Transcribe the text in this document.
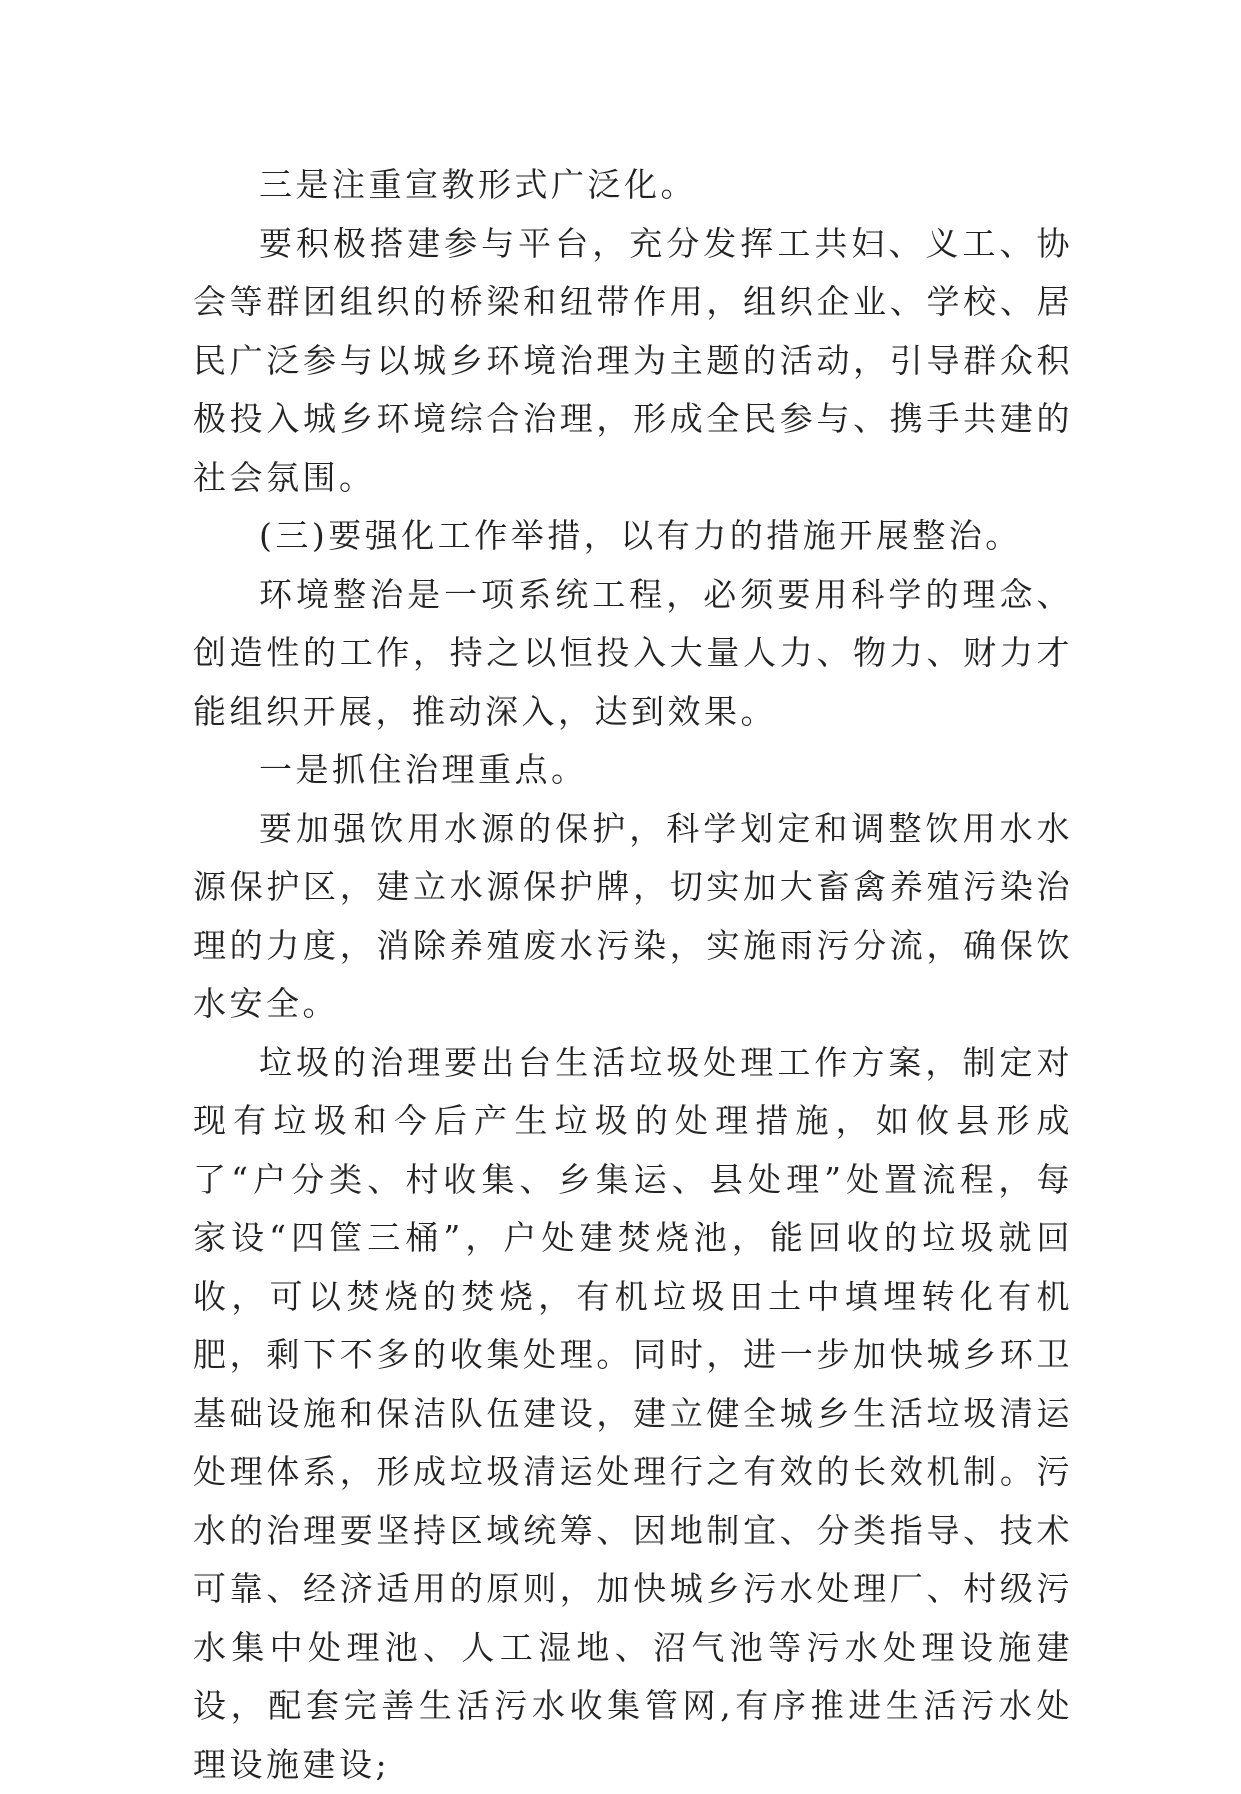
三是注重宣教形式广泛化。

要积极搭建参与平台，充分发挥工共妇、义工、协会等群团组织的桥梁和纽带作用，组织企业、学校、居民广泛参与以城乡环境治理为主题的活动，引导群众积极投入城乡环境综合治理，形成全民参与、携手共建的社会氛围。

(三)要强化工作举措，以有力的措施开展整治。

环境整治是一项系统工程，必须要用科学的理念、创造性的工作，持之以恒投入大量人力、物力、财力才能组织开展，推动深入，达到效果。

一是抓住治理重点。

要加强饮用水源的保护，科学划定和调整饮用水水源保护区，建立水源保护牌，切实加大畜禽养殖污染治理的力度，消除养殖废水污染，实施雨污分流，确保饮水安全。

垃圾的治理要出台生活垃圾处理工作方案，制定对现有垃圾和今后产生垃圾的处理措施，如攸县形成了“户分类、村收集、乡集运、县处理”处置流程，每家设“四筐三桶”，户处建焚烧池，能回收的垃圾就回收，可以焚烧的焚烧，有机垃圾田土中填埋转化有机肥，剩下不多的收集处理。同时，进一步加快城乡环卫基础设施和保洁队伍建设，建立健全城乡生活垃圾清运处理体系，形成垃圾清运处理行之有效的长效机制。污水的治理要坚持区域统筹、因地制宜、分类指导、技术可靠、经济适用的原则，加快城乡污水处理厂、村级污水集中处理池、人工湿地、沼气池等污水处理设施建设，配套完善生活污水收集管网,有序推进生活污水处理设施建设;
